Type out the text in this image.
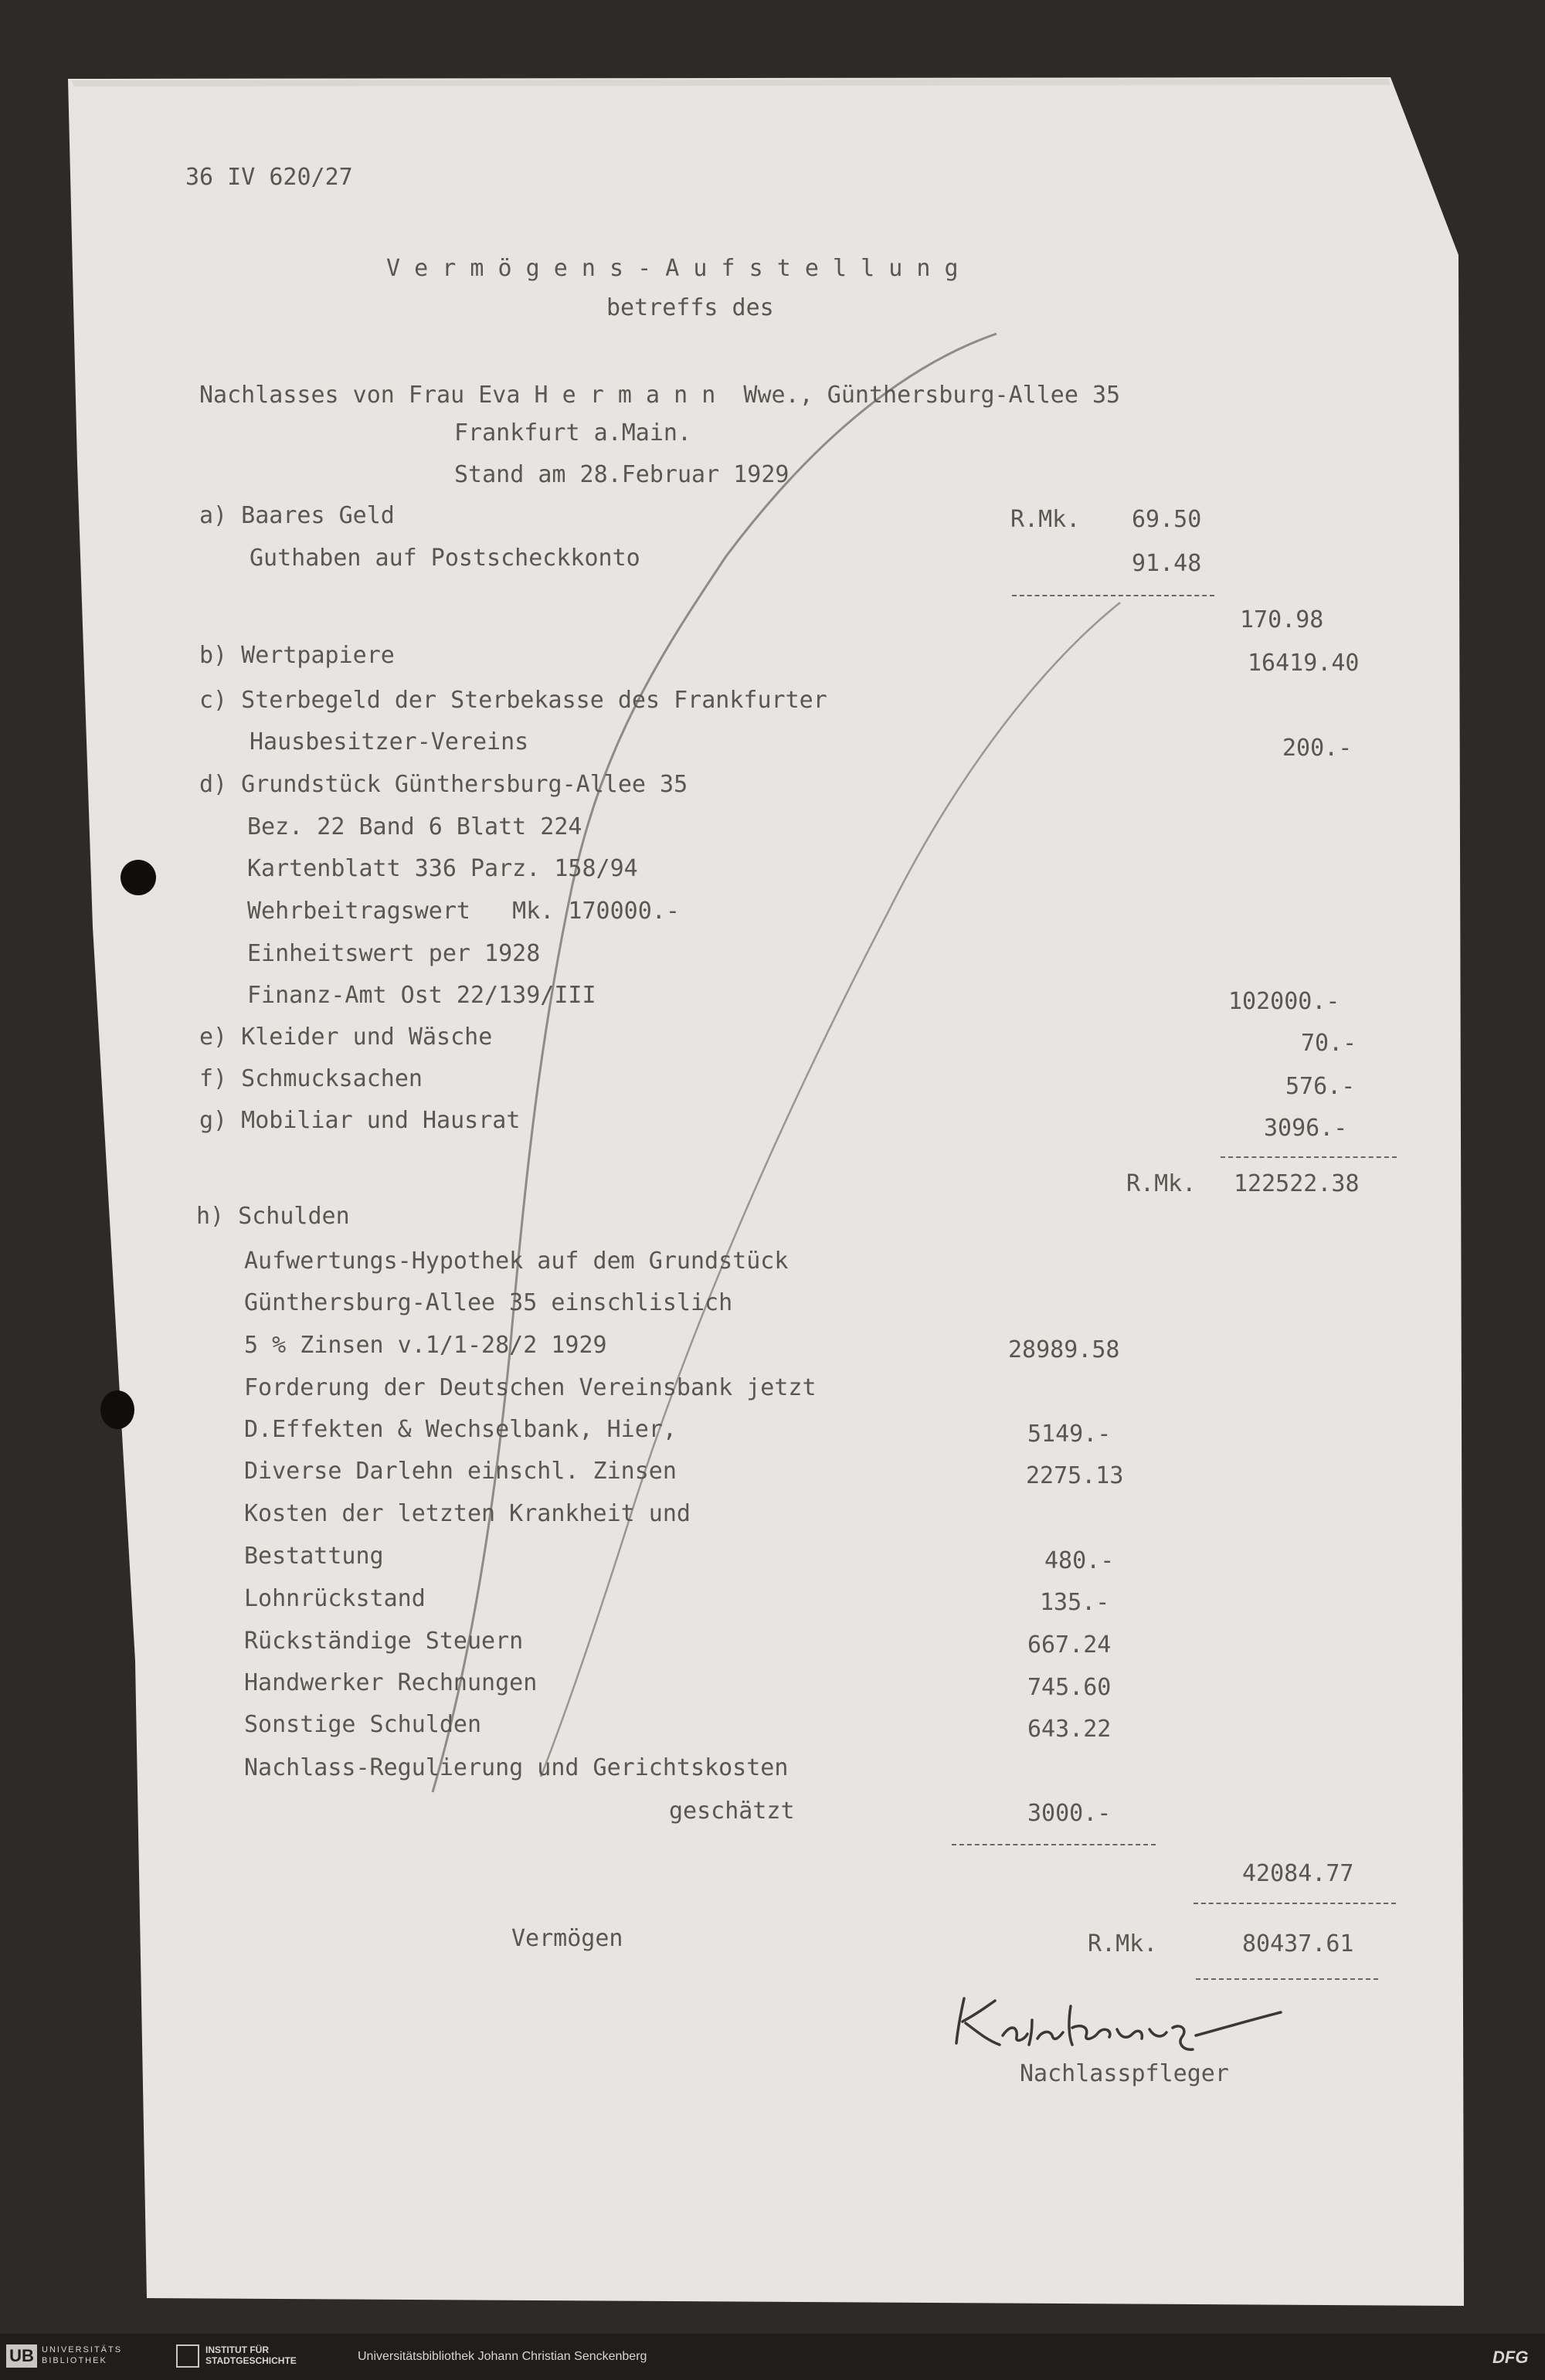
36 IV 620/27
V e r m ö g e n s - A u f s t e l l u n g
betreffs des
Nachlasses von Frau Eva H e r m a n n  Wwe., Günthersburg-Allee 35
Frankfurt a.Main.
Stand am 28.Februar 1929
a) Baares Geld	R.Mk. 69.50
Guthaben auf Postscheckkonto	91.48
170.98
b) Wertpapiere	16419.40
c) Sterbegeld der Sterbekasse des Frankfurter
Hausbesitzer-Vereins	200.-
d) Grundstück Günthersburg-Allee 35
Bez. 22 Band 6 Blatt 224
Kartenblatt 336 Parz. 158/94
Wehrbeitragswert   Mk. 170000.-
Einheitswert per 1928
Finanz-Amt Ost 22/139/III	102000.-
e) Kleider und Wäsche	70.-
f) Schmucksachen	576.-
g) Mobiliar und Hausrat	3096.-
R.Mk. 122522.38
h) Schulden
Aufwertungs-Hypothek auf dem Grundstück
Günthersburg-Allee 35 einschlislich
5 % Zinsen v.1/1-28/2 1929	28989.58
Forderung der Deutschen Vereinsbank jetzt
D.Effekten & Wechselbank, Hier,	5149.-
Diverse Darlehn einschl. Zinsen	2275.13
Kosten der letzten Krankheit und
Bestattung	480.-
Lohnrückstand	135.-
Rückständige Steuern	667.24
Handwerker Rechnungen	745.60
Sonstige Schulden	643.22
Nachlass-Regulierung und Gerichtskosten
geschätzt	3000.-
42084.77
Vermögen	R.Mk.	80437.61
Nachlasspfleger
UB UNIVERSITÄTS
BIBLIOTHEK
INSTITUT FÜR
STADTGESCHICHTE	Universitätsbibliothek Johann Christian Senckenberg	DFG
